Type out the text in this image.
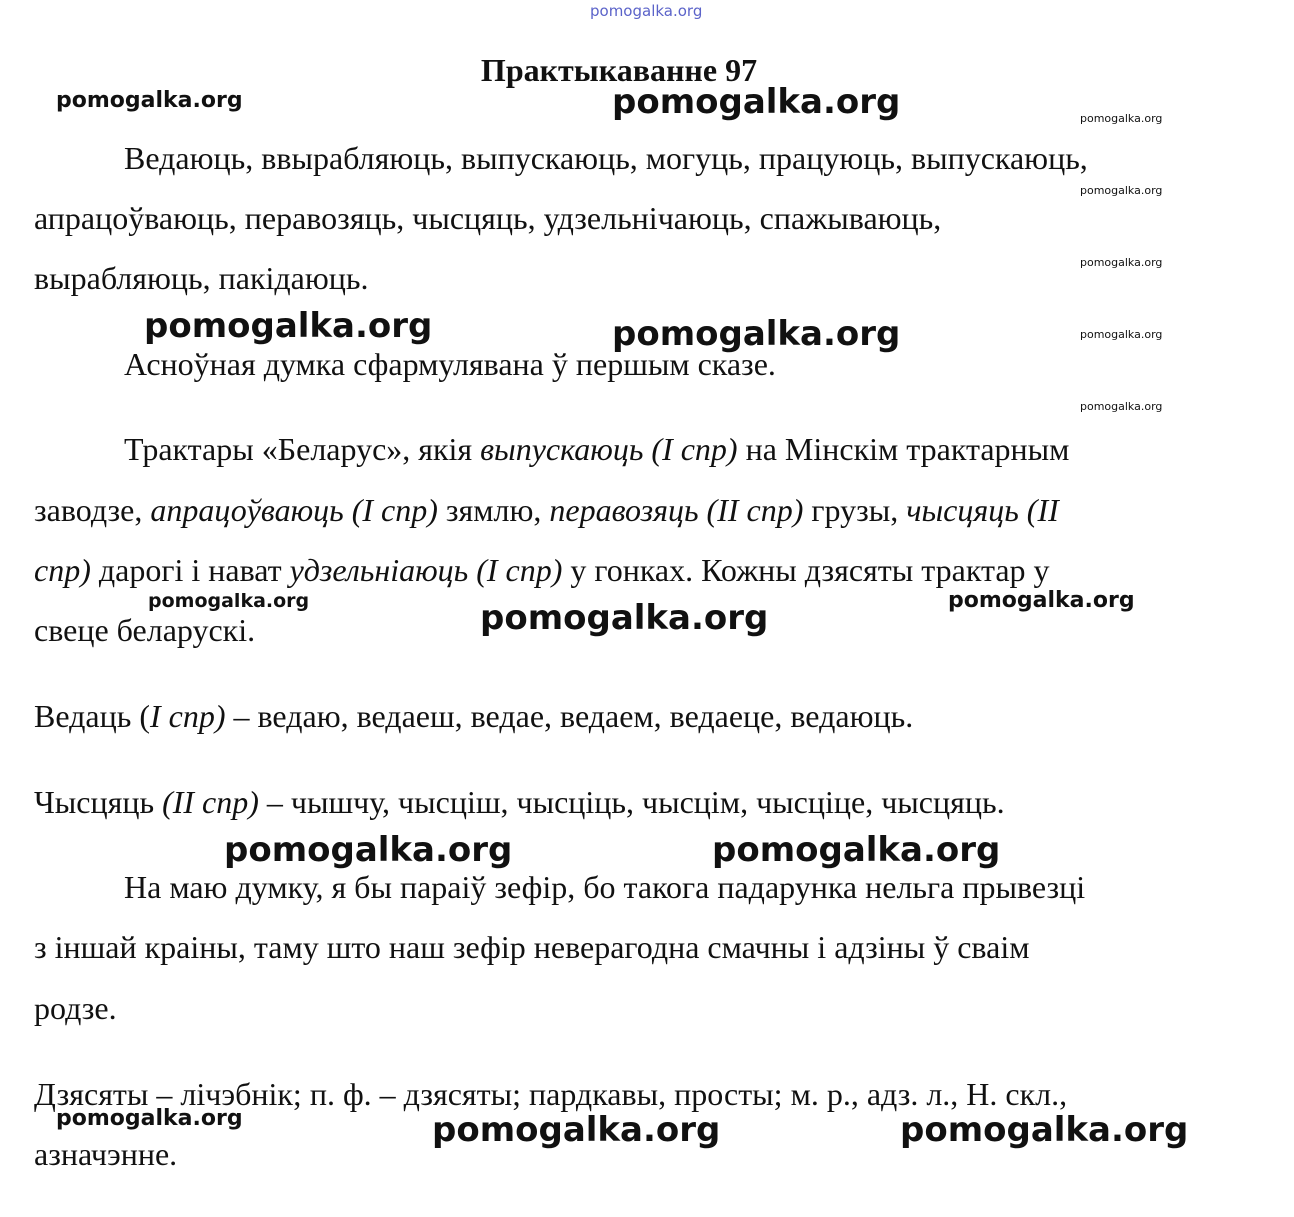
pomogalka.org
Практыкаванне 97
Ведаюць, ввырабляюць, выпускаюць, могуць, працуюць, выпускаюць,
апрацоўваюць, перавозяць, чысцяць, удзельнічаюць, спажываюць,
вырабляюць, пакідаюць.
Асноўная думка сфармулявана ў першым сказе.
Трактары «Беларус», якія выпускаюць (I спр) на Мінскім трактарным
заводзе, апрацоўваюць (I спр) зямлю, перавозяць (II спр) грузы, чысцяць (II
спр) дарогі і нават удзельніаюць (I спр) у гонках. Кожны дзясяты трактар у
свеце беларускі.
Ведаць (I спр) – ведаю, ведаеш, ведае, ведаем, ведаеце, ведаюць.
Чысцяць (II спр) – чышчу, чысціш, чысціць, чысцім, чысціце, чысцяць.
На маю думку, я бы параіў зефір, бо такога падарунка нельга прывезці
з іншай краіны, таму што наш зефір неверагодна смачны і адзіны ў сваім
родзе.
Дзясяты – лічэбнік; п. ф. – дзясяты; пардкавы, просты; м. р., адз. л., Н. скл.,
азначэнне.
pomogalka.org	pomogalka.org	pomogalka.org
pomogalka.org
pomogalka.org
pomogalka.org	pomogalka.org	pomogalka.org
pomogalka.org
pomogalka.org	pomogalka.org	pomogalka.org
pomogalka.org	pomogalka.org
pomogalka.org	pomogalka.org	pomogalka.org
